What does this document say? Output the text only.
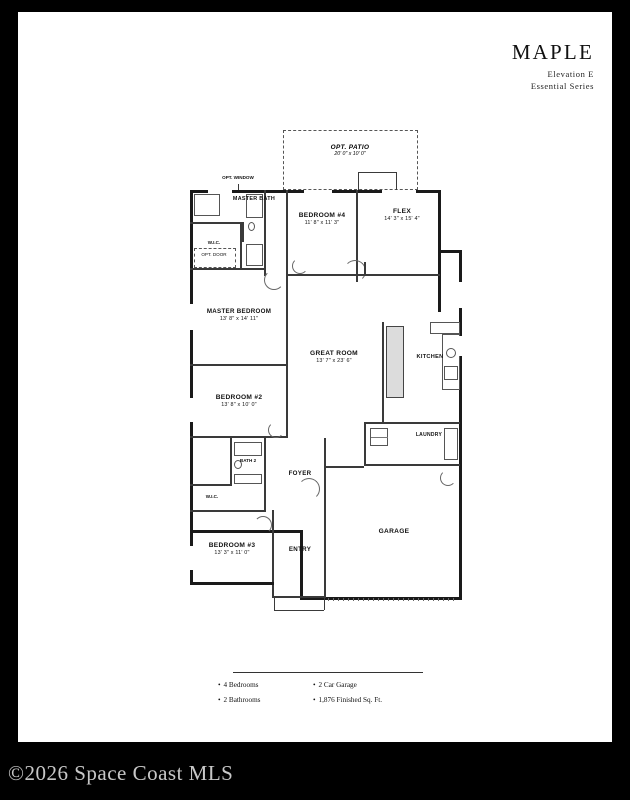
MAPLE
Elevation E
Essential Series
OPT. PATIO
20' 0" x 10' 0"
OPT. WINDOW
W.I.C.
OPT. DOOR
MASTER BATH
BEDROOM #4
11' 8" x 11' 3"
FLEX
14' 3" x 15' 4"
MASTER BEDROOM
13' 8" x 14' 11"
GREAT ROOM
13' 7" x 23' 6"
KITCHEN
BEDROOM #2
13' 8" x 10' 0"
BATH 2
W.I.C.
FOYER
LAUNDRY
GARAGE
ENTRY
BEDROOM #3
13' 3" x 11' 0"
• 4 Bedrooms	• 2 Car Garage
• 2 Bathrooms	• 1,876 Finished Sq. Ft.
©2026 Space Coast MLS
